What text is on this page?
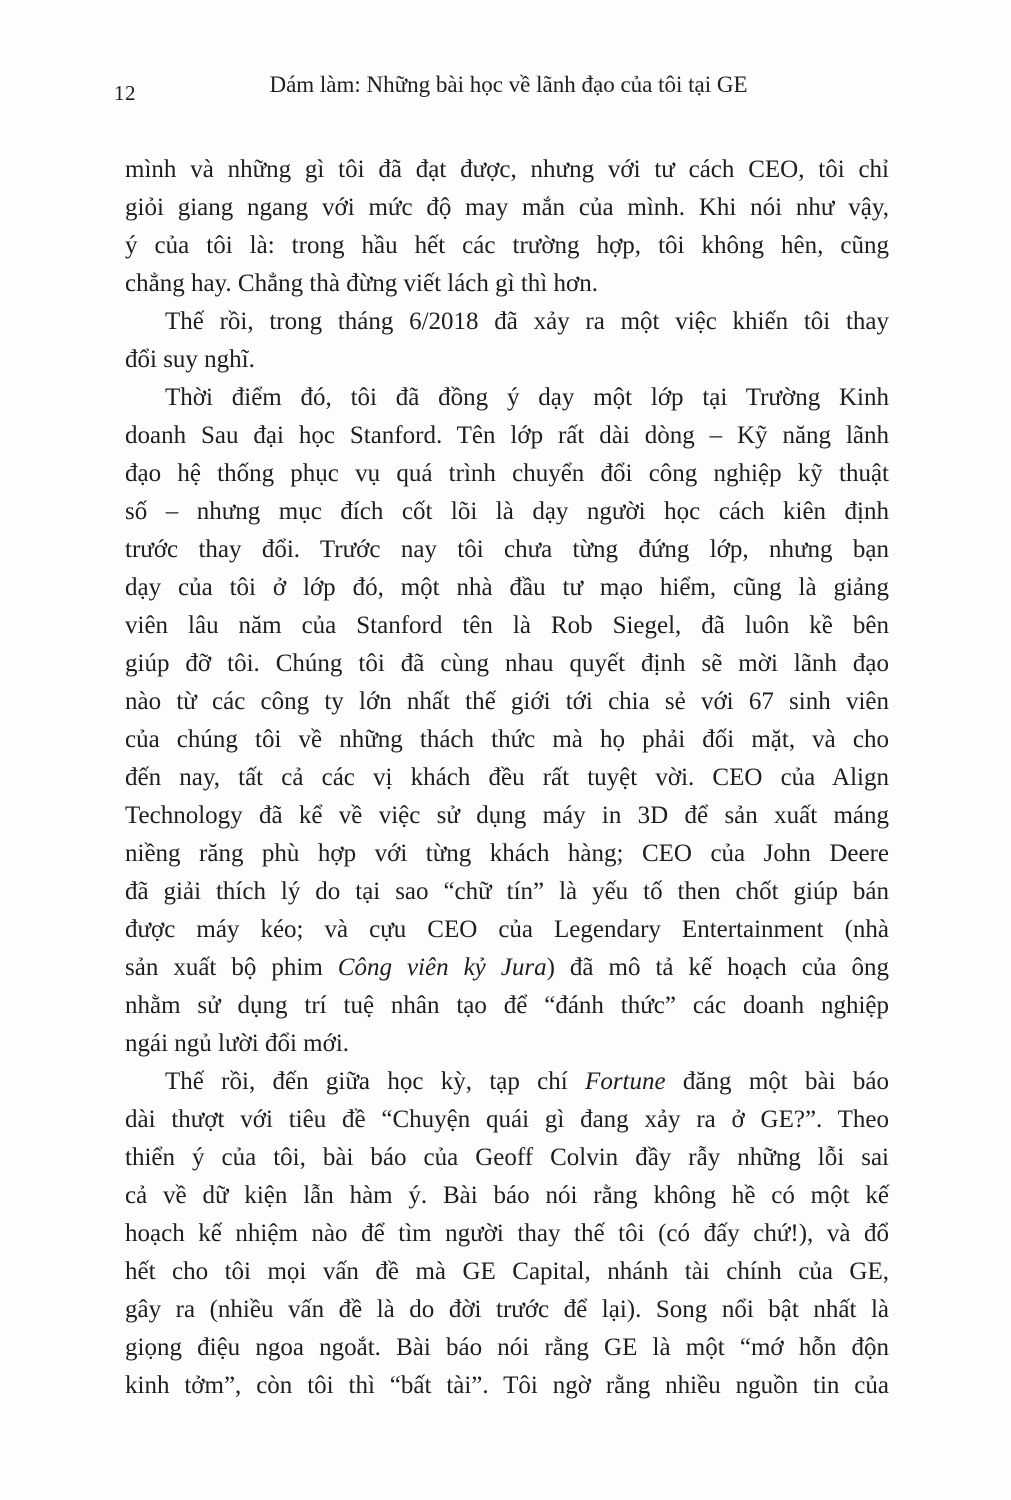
12	Dám làm: Những bài học về lãnh đạo của tôi tại GE
mình và những gì tôi đã đạt được, nhưng với tư cách CEO, tôi chỉ
giỏi giang ngang với mức độ may mắn của mình. Khi nói như vậy,
ý của tôi là: trong hầu hết các trường hợp, tôi không hên, cũng
chẳng hay. Chẳng thà đừng viết lách gì thì hơn.
Thế rồi, trong tháng 6/2018 đã xảy ra một việc khiến tôi thay
đổi suy nghĩ.
Thời điểm đó, tôi đã đồng ý dạy một lớp tại Trường Kinh
doanh Sau đại học Stanford. Tên lớp rất dài dòng – Kỹ năng lãnh
đạo hệ thống phục vụ quá trình chuyển đổi công nghiệp kỹ thuật
số – nhưng mục đích cốt lõi là dạy người học cách kiên định
trước thay đổi. Trước nay tôi chưa từng đứng lớp, nhưng bạn
dạy của tôi ở lớp đó, một nhà đầu tư mạo hiểm, cũng là giảng
viên lâu năm của Stanford tên là Rob Siegel, đã luôn kề bên
giúp đỡ tôi. Chúng tôi đã cùng nhau quyết định sẽ mời lãnh đạo
nào từ các công ty lớn nhất thế giới tới chia sẻ với 67 sinh viên
của chúng tôi về những thách thức mà họ phải đối mặt, và cho
đến nay, tất cả các vị khách đều rất tuyệt vời. CEO của Align
Technology đã kể về việc sử dụng máy in 3D để sản xuất máng
niềng răng phù hợp với từng khách hàng; CEO của John Deere
đã giải thích lý do tại sao “chữ tín” là yếu tố then chốt giúp bán
được máy kéo; và cựu CEO của Legendary Entertainment (nhà
sản xuất bộ phim Công viên kỷ Jura) đã mô tả kế hoạch của ông
nhằm sử dụng trí tuệ nhân tạo để “đánh thức” các doanh nghiệp
ngái ngủ lười đổi mới.
Thế rồi, đến giữa học kỳ, tạp chí Fortune đăng một bài báo
dài thượt với tiêu đề “Chuyện quái gì đang xảy ra ở GE?”. Theo
thiển ý của tôi, bài báo của Geoff Colvin đầy rẫy những lỗi sai
cả về dữ kiện lẫn hàm ý. Bài báo nói rằng không hề có một kế
hoạch kế nhiệm nào để tìm người thay thế tôi (có đấy chứ!), và đổ
hết cho tôi mọi vấn đề mà GE Capital, nhánh tài chính của GE,
gây ra (nhiều vấn đề là do đời trước để lại). Song nổi bật nhất là
giọng điệu ngoa ngoắt. Bài báo nói rằng GE là một “mớ hỗn độn
kinh tởm”, còn tôi thì “bất tài”. Tôi ngờ rằng nhiều nguồn tin của
